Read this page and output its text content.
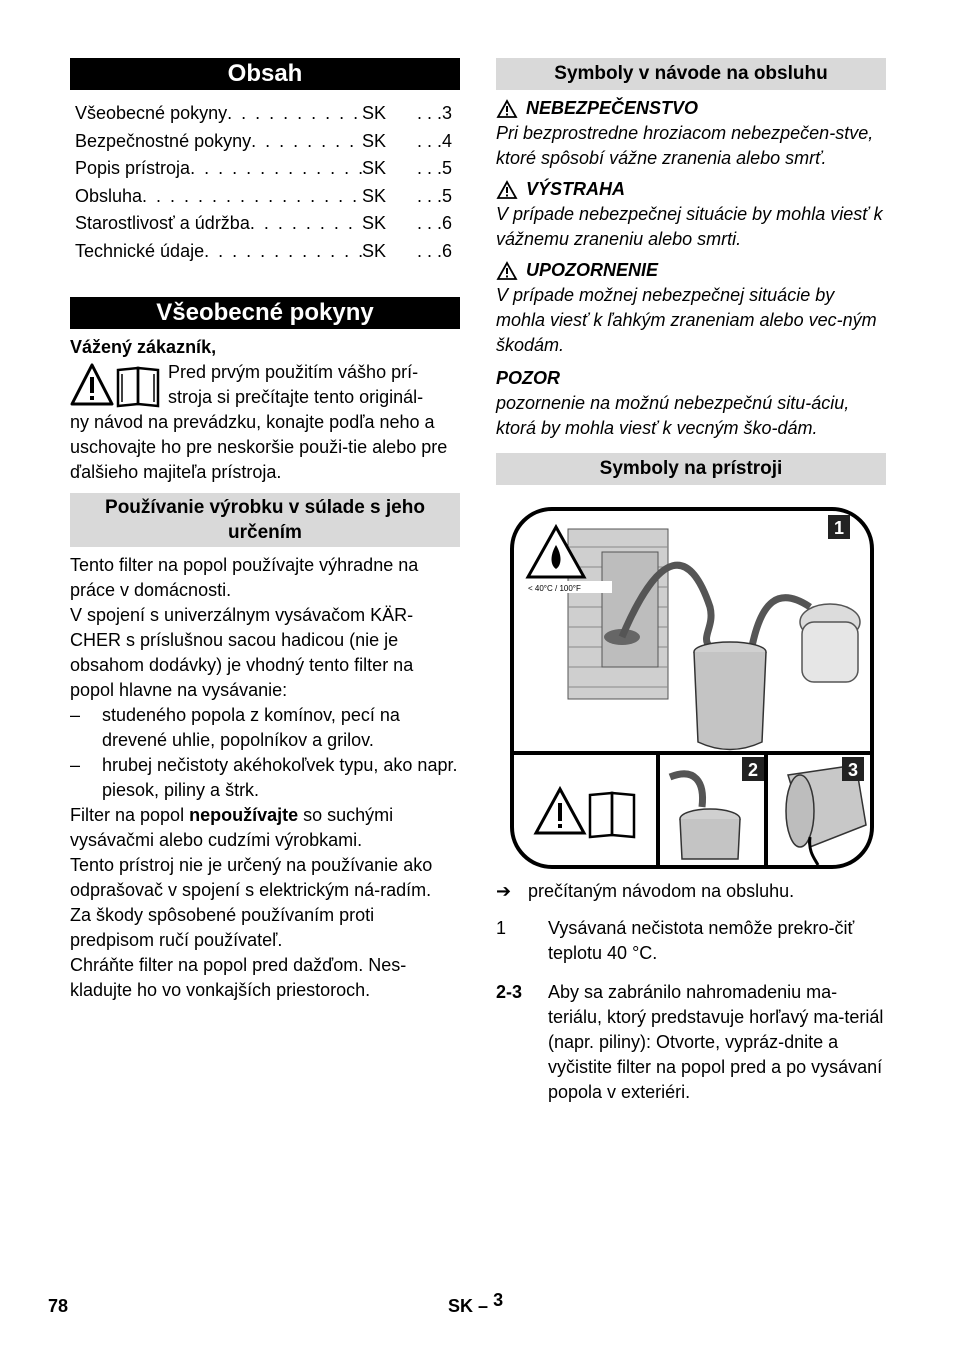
Obsah
Všeobecné pokyny . . .	SK	. . .3
Bezpečnostné pokyny . . .	SK	. . .4
Popis prístroja . . .	SK	. . .5
Obsluha . . .	SK	. . .5
Starostlivosť a údržba . . .	SK	. . .6
Technické údaje . . .	SK	. . .6
Všeobecné pokyny

Vážený zákazník,

Pred prvým použitím vášho prí-

stroja si prečítajte tento originál-

ny návod na prevádzku, konajte podľa neho a uschovajte ho pre neskoršie použi-tie alebo pre ďalšieho majiteľa prístroja.

Používanie výrobku v súlade s jeho určením

Tento filter na popol používajte výhradne na práce v domácnosti.

V spojení s univerzálnym vysávačom KÄR-CHER s príslušnou sacou hadicou (nie je obsahom dodávky) je vhodný tento filter na popol hlavne na vysávanie:

–	studeného popola z komínov, pecí na drevené uhlie, popolníkov a grilov.
–	hrubej nečistoty akéhokoľvek typu, ako napr. piesok, piliny a štrk.

Filter na popol nepoužívajte so suchými vysávačmi alebo cudzími výrobkami.

Tento prístroj nie je určený na používanie ako odprašovač v spojení s elektrickým ná-radím.

Za škody spôsobené používaním proti predpisom ručí používateľ.

Chráňte filter na popol pred dažďom. Nes-kladujte ho vo vonkajších priestoroch.

Symboly v návode na obsluhu
NEBEZPEČENSTVO

Pri bezprostredne hroziacom nebezpečen-stve, ktoré spôsobí vážne zranenia alebo smrť.

VÝSTRAHA

V prípade nebezpečnej situácie by mohla viesť k vážnemu zraneniu alebo smrti.

UPOZORNENIE

V prípade možnej nebezpečnej situácie by mohla viesť k ľahkým zraneniam alebo vec-ným škodám.

POZOR

pozornenie na možnú nebezpečnú situ-áciu, ktorá by mohla viesť k vecným ško-dám.

Symboly na prístroji
< 40°C / 100°F
1
2	3
➔ prečítaným návodom na obsluhu.
1	Vysávaná nečistota nemôže prekro-čiť teplotu 40 °C.
2-3	Aby sa zabránilo nahromadeniu ma-teriálu, ktorý predstavuje horľavý ma-teriál (napr. piliny): Otvorte, vypráz-dnite a vyčistite filter na popol pred a po vysávaní popola v exteriéri.
78	SK – 3
